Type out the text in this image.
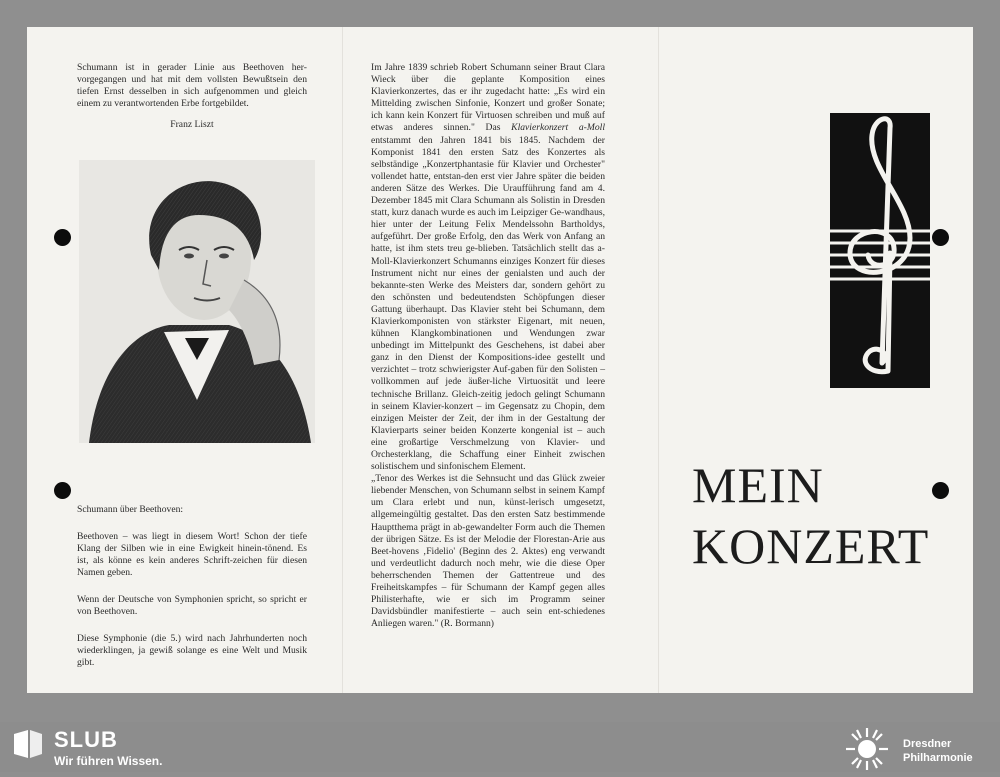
Schumann ist in gerader Linie aus Beethoven her-vorgegangen und hat mit dem vollsten Bewußtsein den tiefen Ernst desselben in sich aufgenommen und gleich einem zu verantwortenden Erbe fortgebildet.

Franz Liszt
Schumann über Beethoven:
Beethoven – was liegt in diesem Wort! Schon der tiefe Klang der Silben wie in eine Ewigkeit hinein-tönend. Es ist, als könne es kein anderes Schrift-zeichen für diesen Namen geben.
Wenn der Deutsche von Symphonien spricht, so spricht er von Beethoven.
Diese Symphonie (die 5.) wird nach Jahrhunderten noch wiederklingen, ja gewiß solange es eine Welt und Musik gibt.

Im Jahre 1839 schrieb Robert Schumann seiner Braut Clara Wieck über die geplante Komposition eines Klavierkonzertes, das er ihr zugedacht hatte: „Es wird ein Mittelding zwischen Sinfonie, Konzert und großer Sonate; ich kann kein Konzert für Virtuosen schreiben und muß auf etwas anderes sinnen." Das Klavierkonzert a-Moll entstammt den Jahren 1841 bis 1845. Nachdem der Komponist 1841 den ersten Satz des Konzertes als selbständige „Konzertphantasie für Klavier und Orchester" vollendet hatte, entstan-den erst vier Jahre später die beiden anderen Sätze des Werkes. Die Uraufführung fand am 4. Dezember 1845 mit Clara Schumann als Solistin in Dresden statt, kurz danach wurde es auch im Leipziger Ge-wandhaus, hier unter der Leitung Felix Mendelssohn Bartholdys, aufgeführt. Der große Erfolg, den das Werk von Anfang an hatte, ist ihm stets treu ge-blieben. Tatsächlich stellt das a-Moll-Klavierkonzert Schumanns einziges Konzert für dieses Instrument nicht nur eines der genialsten und auch der bekannte-sten Werke des Meisters dar, sondern gehört zu den schönsten und bedeutendsten Schöpfungen dieser Gattung überhaupt. Das Klavier steht bei Schumann, dem Klavierkomponisten von stärkster Eigenart, mit neuen, kühnen Klangkombinationen und Wendungen zwar unbedingt im Mittelpunkt des Geschehens, ist dabei aber ganz in den Dienst der Kompositions-idee gestellt und verzichtet – trotz schwierigster Auf-gaben für den Solisten – vollkommen auf jede äußer-liche Virtuosität und leere technische Brillanz. Gleich-zeitig jedoch gelingt Schumann in seinem Klavier-konzert – im Gegensatz zu Chopin, dem einzigen Meister der Zeit, der ihm in der Gestaltung der Klavierparts seiner beiden Konzerte kongenial ist – auch eine großartige Verschmelzung von Klavier- und Orchesterklang, die Schaffung einer Einheit zwischen solistischem und sinfonischem Element.

„Tenor des Werkes ist die Sehnsucht und das Glück zweier liebender Menschen, von Schumann selbst in seinem Kampf um Clara erlebt und nun, künst-lerisch umgesetzt, allgemeingültig gestaltet. Das den ersten Satz bestimmende Hauptthema prägt in ab-gewandelter Form auch die Themen der übrigen Sätze. Es ist der Melodie der Florestan-Arie aus Beet-hovens ‚Fidelio' (Beginn des 2. Aktes) eng verwandt und verdeutlicht dadurch noch mehr, wie die diese Oper beherrschenden Themen der Gattentreue und des Freiheitskampfes – für Schumann der Kampf gegen alles Philisterhafte, wie er sich im Programm seiner Davidsbündler manifestierte – auch sein ent-schiedenes Anliegen waren." (R. Bormann)

MEIN
KONZERT
SLUB
Wir führen Wissen.
Dresdner
Philharmonie
